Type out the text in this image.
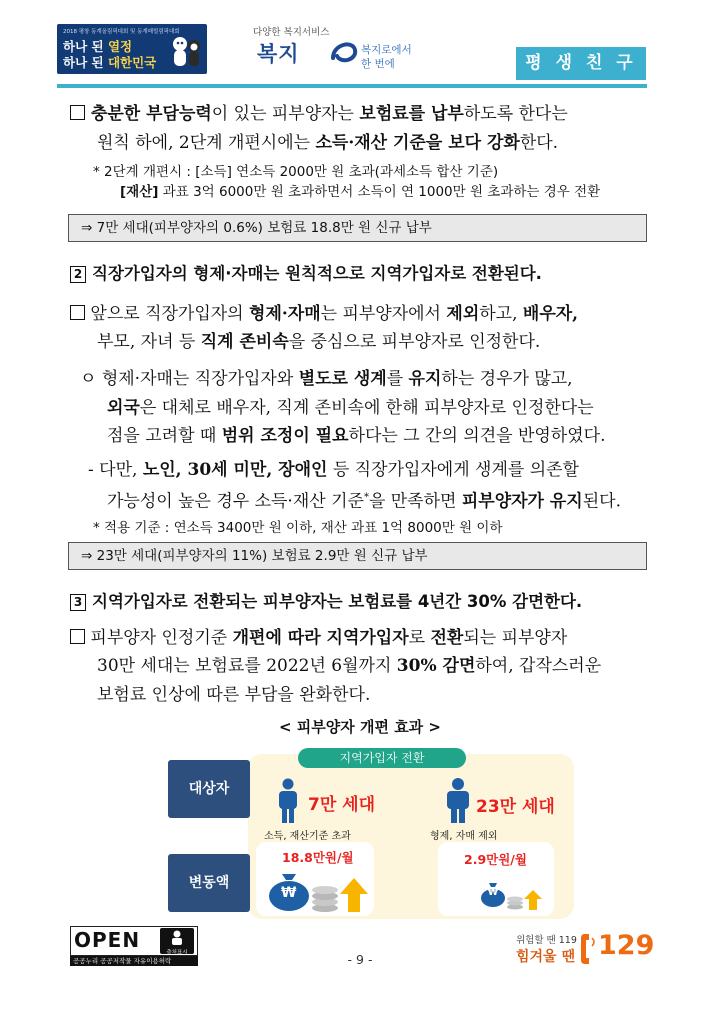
2018 평창 동계올림픽대회 및 동계패럴림픽대회
하나 된 열정
하나 된 대한민국
다양한 복지서비스
복지	복지로에서
한 번에	평 생 친 구
충분한 부담능력이 있는 피부양자는 보험료를 납부하도록 한다는
원칙 하에, 2단계 개편시에는 소득·재산 기준을 보다 강화한다.
* 2단계 개편시 : [소득] 연소득 2000만 원 초과(과세소득 합산 기준)
[재산] 과표 3억 6000만 원 초과하면서 소득이 연 1000만 원 초과하는 경우 전환
⇒ 7만 세대(피부양자의 0.6%) 보험료 18.8만 원 신규 납부
2 직장가입자의 형제·자매는 원칙적으로 지역가입자로 전환된다.
앞으로 직장가입자의 형제·자매는 피부양자에서 제외하고, 배우자,
부모, 자녀 등 직계 존비속을 중심으로 피부양자로 인정한다.
ㅇ 형제·자매는 직장가입자와 별도로 생계를 유지하는 경우가 많고,
외국은 대체로 배우자, 직계 존비속에 한해 피부양자로 인정한다는
점을 고려할 때 범위 조정이 필요하다는 그 간의 의견을 반영하였다.
- 다만, 노인, 30세 미만, 장애인 등 직장가입자에게 생계를 의존할
가능성이 높은 경우 소득·재산 기준*을 만족하면 피부양자가 유지된다.
* 적용 기준 : 연소득 3400만 원 이하, 재산 과표 1억 8000만 원 이하
⇒ 23만 세대(피부양자의 11%) 보험료 2.9만 원 신규 납부
3 지역가입자로 전환되는 피부양자는 보험료를 4년간 30% 감면한다.
피부양자 인정기준 개편에 따라 지역가입자로 전환되는 피부양자
30만 세대는 보험료를 2022년 6월까지 30% 감면하여, 갑작스러운
보험료 인상에 따른 부담을 완화한다.
< 피부양자 개편 효과 >
지역가입자 전환
대상자
변동액
7만 세대
소득, 재산기준 초과
23만 세대
형제, 자매 제외
18.8만원/월	2.9만원/월
₩	₩
OPEN
출처표시
공공누리 공공저작물 자유이용허락	- 9 -
위험할 땐 119
힘겨울 땐 129
